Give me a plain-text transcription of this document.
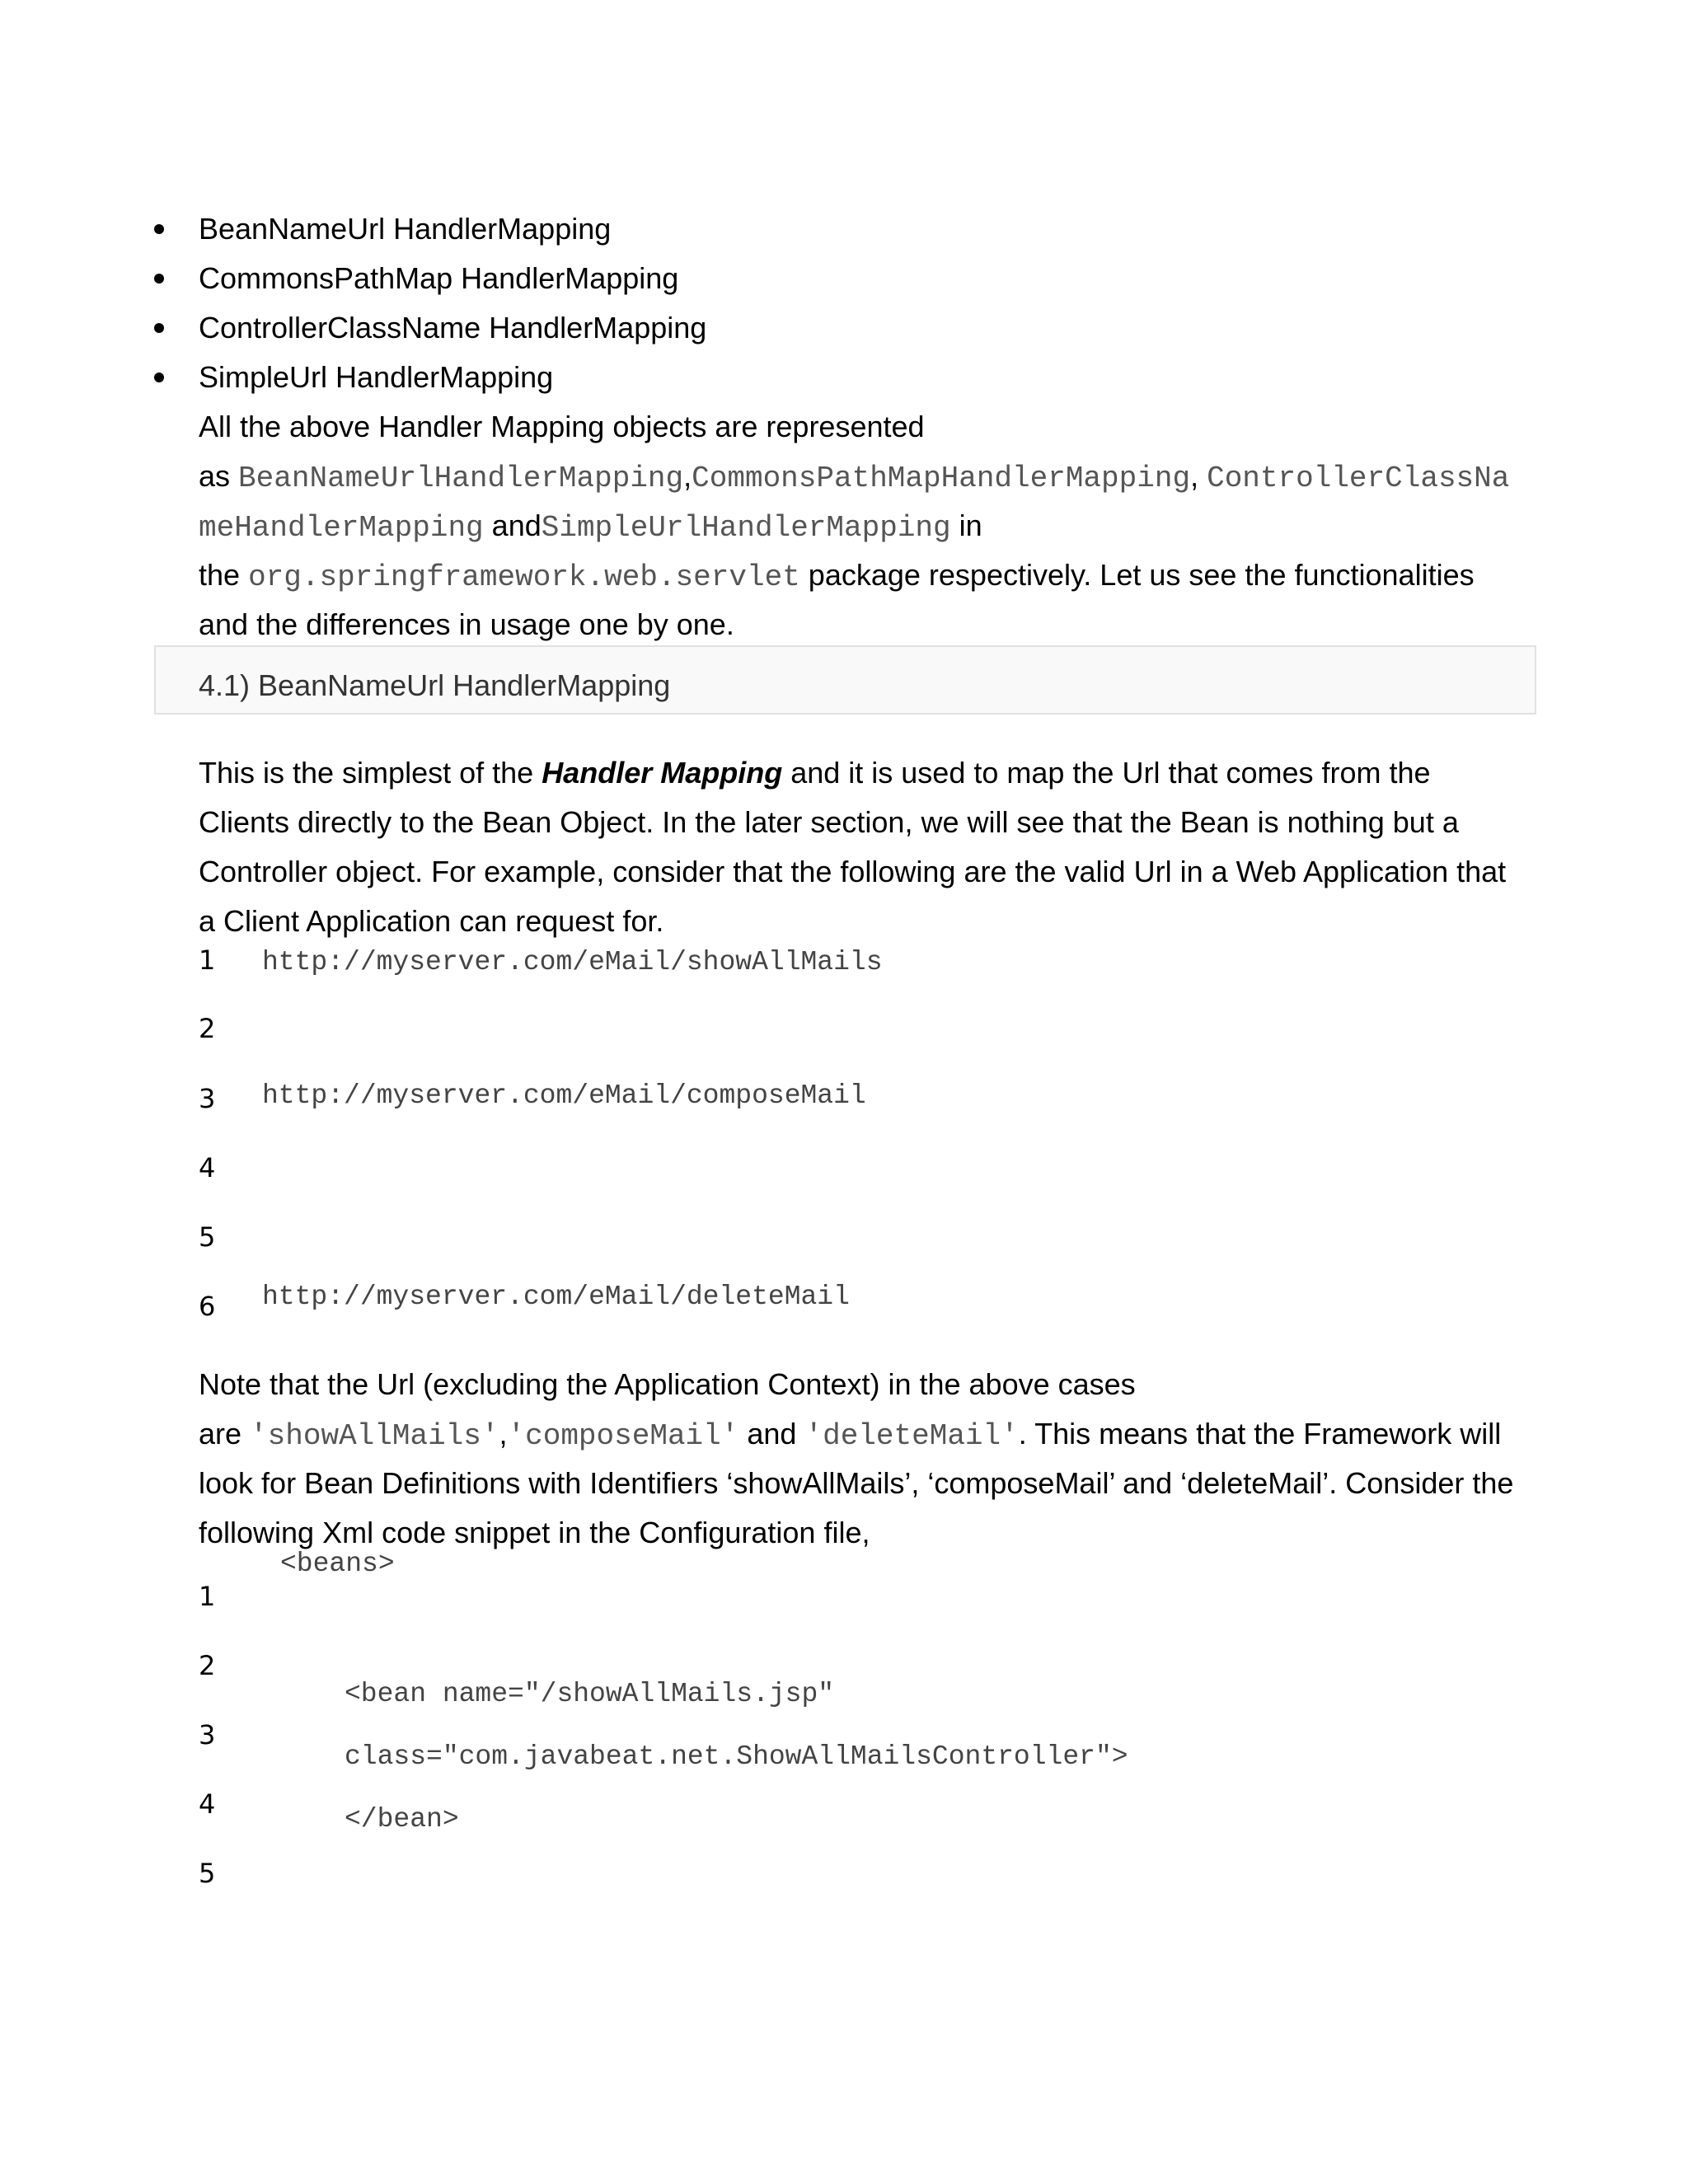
BeanNameUrl HandlerMapping
CommonsPathMap HandlerMapping
ControllerClassName HandlerMapping
SimpleUrl HandlerMapping
All the above Handler Mapping objects are represented
as BeanNameUrlHandlerMapping,CommonsPathMapHandlerMapping, ControllerClassNa
meHandlerMapping andSimpleUrlHandlerMapping in
the org.springframework.web.servlet package respectively. Let us see the functionalities
and the differences in usage one by one.
4.1) BeanNameUrl HandlerMapping
This is the simplest of the Handler Mapping and it is used to map the Url that comes from the
Clients directly to the Bean Object. In the later section, we will see that the Bean is nothing but a
Controller object. For example, consider that the following are the valid Url in a Web Application that
a Client Application can request for.
1
2
3
4
5
6
http://myserver.com/eMail/showAllMails
http://myserver.com/eMail/composeMail
http://myserver.com/eMail/deleteMail
Note that the Url (excluding the Application Context) in the above cases
are 'showAllMails','composeMail' and 'deleteMail'. This means that the Framework will
look for Bean Definitions with Identifiers ‘showAllMails’, ‘composeMail’ and ‘deleteMail’. Consider the
following Xml code snippet in the Configuration file,
<beans>
1
2
<bean name="/showAllMails.jsp"
3
class="com.javabeat.net.ShowAllMailsController">
4	</bean>
5
